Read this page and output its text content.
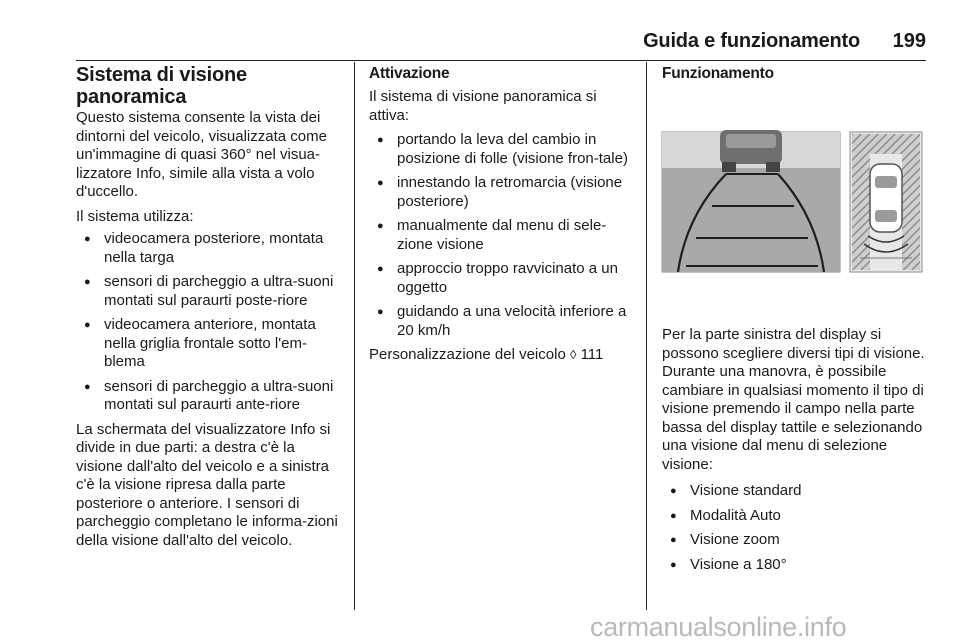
Guida e funzionamento	199
Sistema di visione panoramica

Questo sistema consente la vista dei dintorni del veicolo, visualizzata come un'immagine di quasi 360° nel visua-lizzatore Info, simile alla vista a volo d'uccello.

Il sistema utilizza:

● videocamera posteriore, montata nella targa
● sensori di parcheggio a ultra-suoni montati sul paraurti poste-riore
● videocamera anteriore, montata nella griglia frontale sotto l'em-blema
● sensori di parcheggio a ultra-suoni montati sul paraurti ante-riore

La schermata del visualizzatore Info si divide in due parti: a destra c'è la visione dall'alto del veicolo e a sinistra c'è la visione ripresa dalla parte posteriore o anteriore. I sensori di parcheggio completano le informa-zioni della visione dall'alto del veicolo.

Attivazione

Il sistema di visione panoramica si attiva:

● portando la leva del cambio in posizione di folle (visione fron-tale)
● innestando la retromarcia (visione posteriore)
● manualmente dal menu di sele-zione visione
● approccio troppo ravvicinato a un oggetto
● guidando a una velocità inferiore a 20 km/h

Personalizzazione del veicolo ◊ 111

Funzionamento

Per la parte sinistra del display si possono scegliere diversi tipi di visione. Durante una manovra, è possibile cambiare in qualsiasi momento il tipo di visione premendo il campo nella parte bassa del display tattile e selezionando una visione dal menu di selezione visione:

● Visione standard
● Modalità Auto
● Visione zoom
● Visione a 180°
carmanualsonline.info
